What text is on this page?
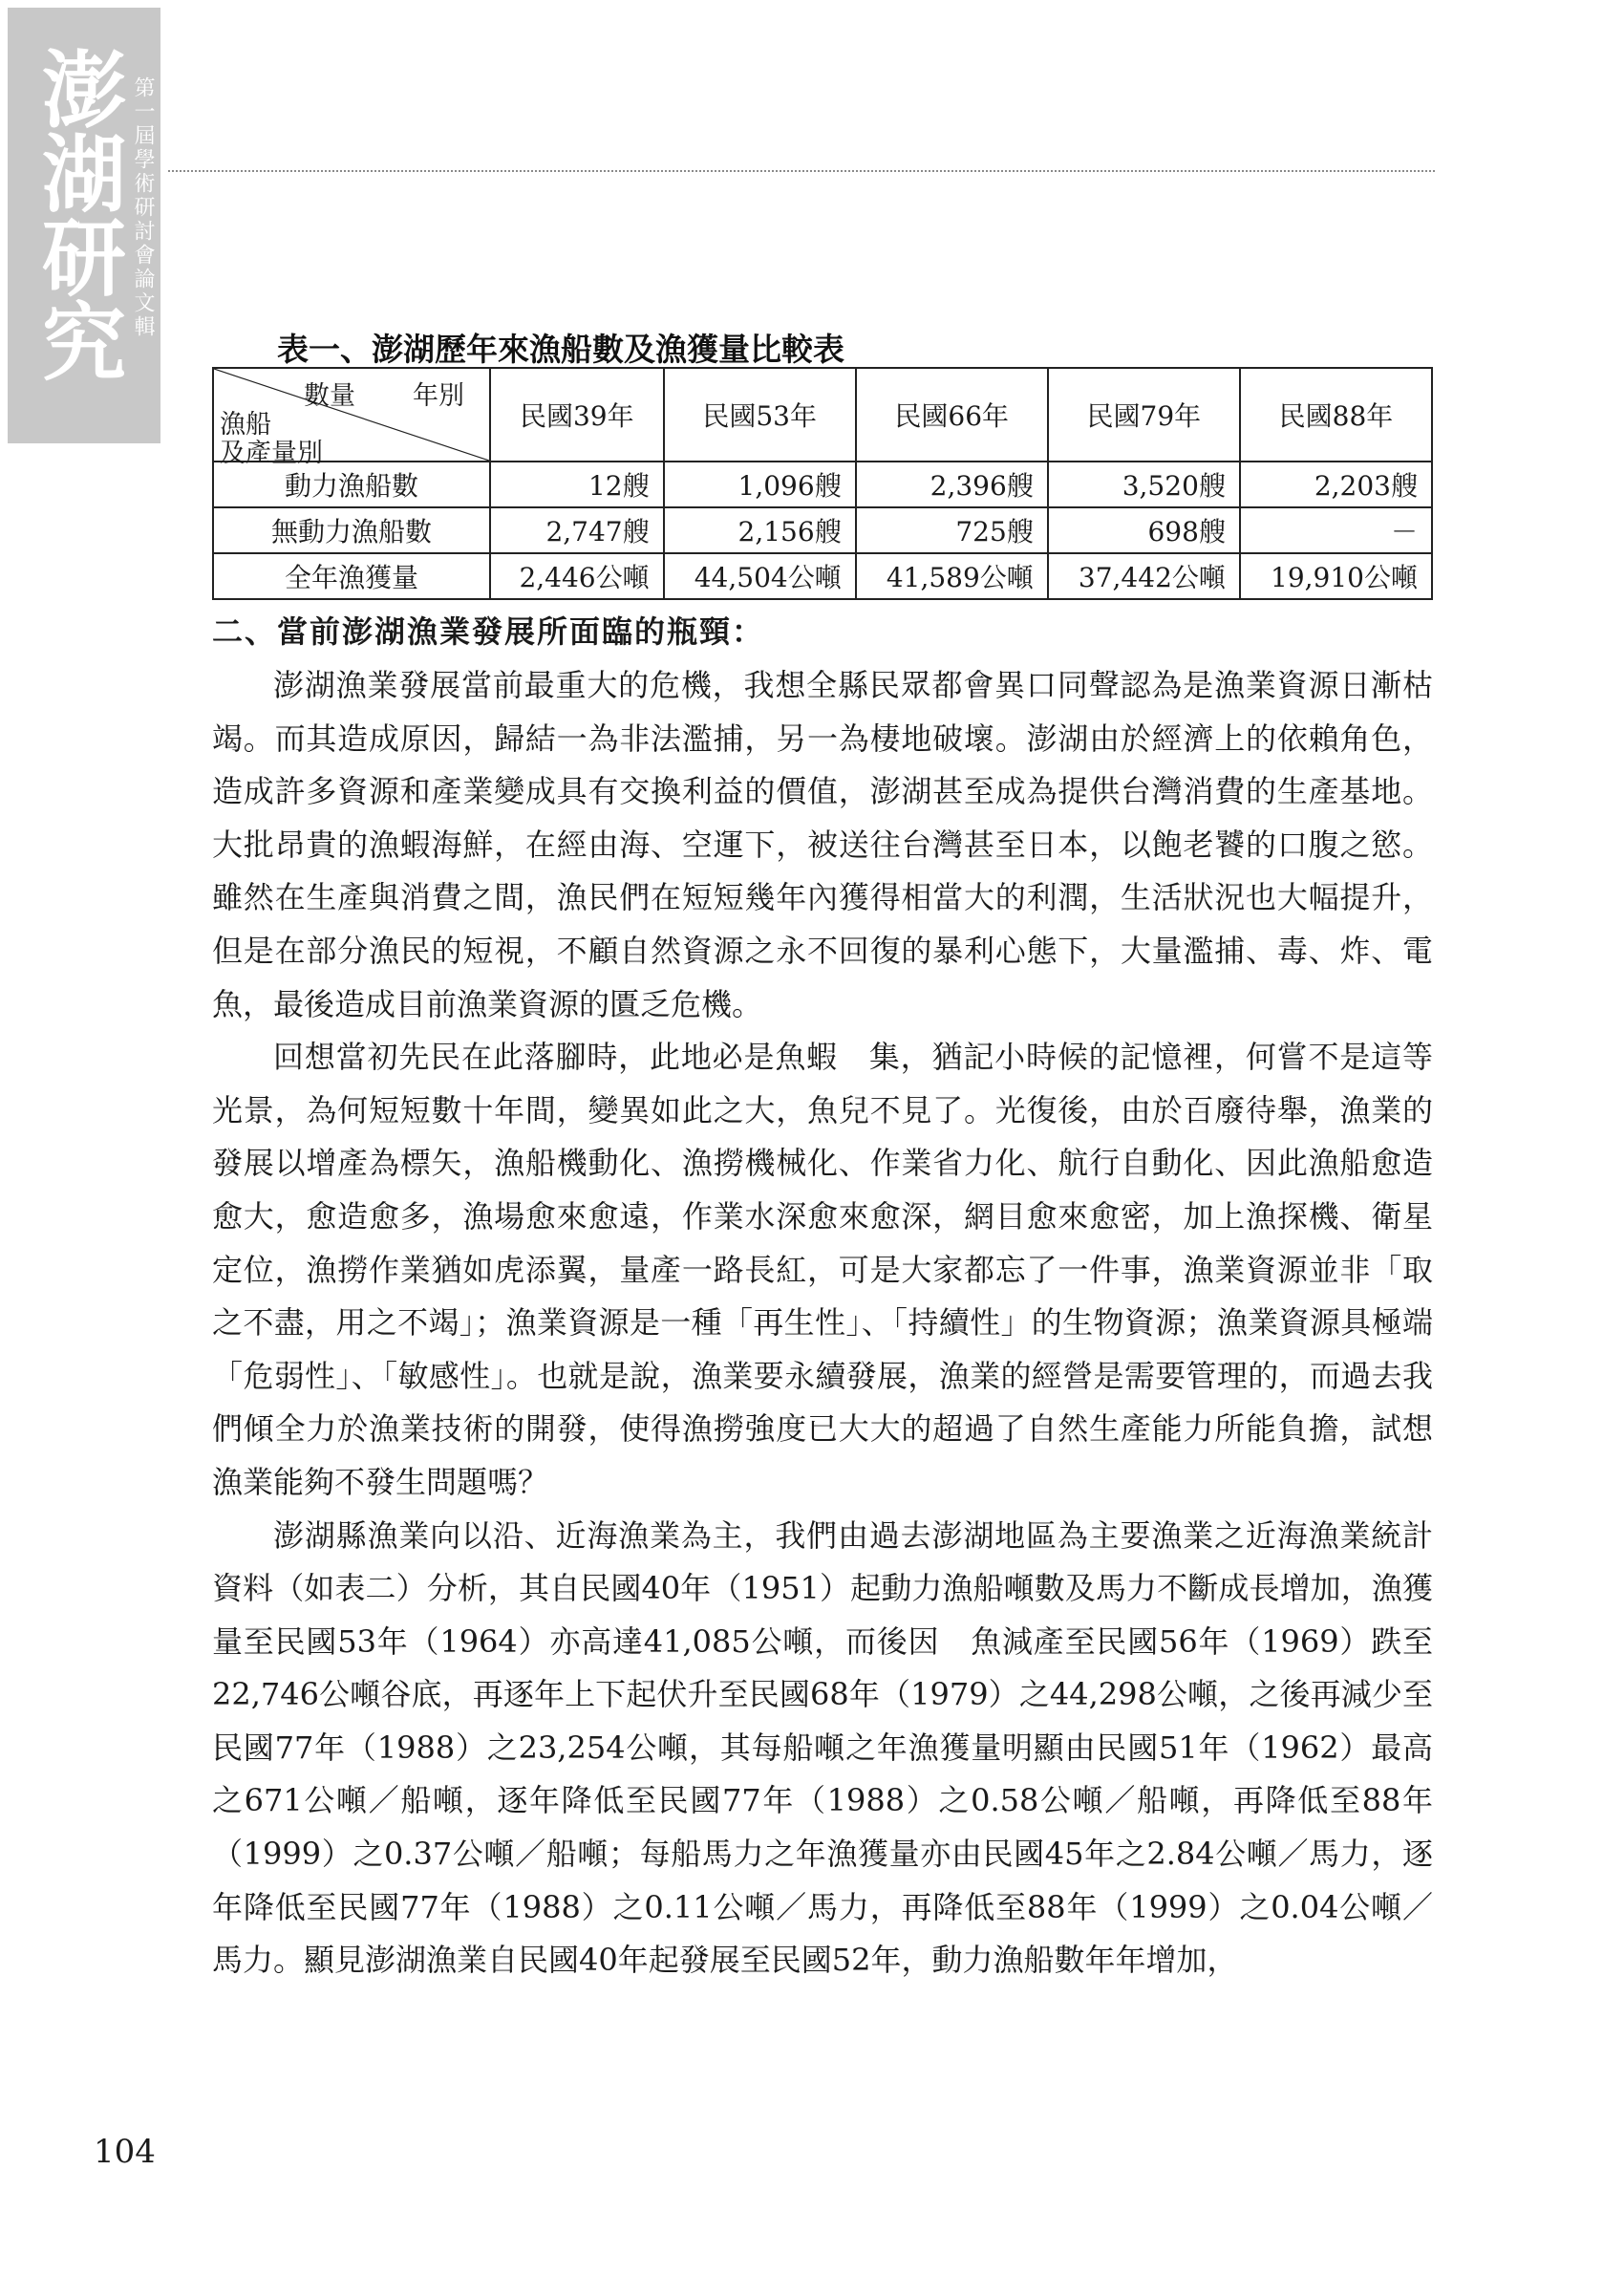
澎湖研究 第一屆學術研討會論文輯
表一、澎湖歷年來漁船數及漁獲量比較表
數量 年別
漁船
及產量別	民國39年	民國53年	民國66年	民國79年	民國88年
動力漁船數	12艘	1,096艘	2,396艘	3,520艘	2,203艘
無動力漁船數	2,747艘	2,156艘	725艘	698艘	－
全年漁獲量	2,446公噸	44,504公噸	41,589公噸	37,442公噸	19,910公噸
二、當前澎湖漁業發展所面臨的瓶頸：

澎湖漁業發展當前最重大的危機，我想全縣民眾都會異口同聲認為是漁業資源日漸枯竭。而其造成原因，歸結一為非法濫捕，另一為棲地破壞。澎湖由於經濟上的依賴角色，造成許多資源和產業變成具有交換利益的價值，澎湖甚至成為提供台灣消費的生產基地。大批昂貴的漁蝦海鮮，在經由海、空運下，被送往台灣甚至日本，以飽老饕的口腹之慾。雖然在生產與消費之間，漁民們在短短幾年內獲得相當大的利潤，生活狀況也大幅提升，但是在部分漁民的短視，不顧自然資源之永不回復的暴利心態下，大量濫捕、毒、炸、電魚，最後造成目前漁業資源的匱乏危機。

回想當初先民在此落腳時，此地必是魚蝦　集，猶記小時候的記憶裡，何嘗不是這等光景，為何短短數十年間，變異如此之大，魚兒不見了。光復後，由於百廢待舉，漁業的發展以增產為標矢，漁船機動化、漁撈機械化、作業省力化、航行自動化、因此漁船愈造愈大，愈造愈多，漁場愈來愈遠，作業水深愈來愈深，網目愈來愈密，加上漁探機、衛星定位，漁撈作業猶如虎添翼，量產一路長紅，可是大家都忘了一件事，漁業資源並非「取之不盡，用之不竭」；漁業資源是一種「再生性」、「持續性」的生物資源；漁業資源具極端「危弱性」、「敏感性」。也就是說，漁業要永續發展，漁業的經營是需要管理的，而過去我們傾全力於漁業技術的開發，使得漁撈強度已大大的超過了自然生產能力所能負擔，試想漁業能夠不發生問題嗎？

澎湖縣漁業向以沿、近海漁業為主，我們由過去澎湖地區為主要漁業之近海漁業統計資料（如表二）分析，其自民國40年（1951）起動力漁船噸數及馬力不斷成長增加，漁獲量至民國53年（1964）亦高達41,085公噸，而後因　魚減產至民國56年（1969）跌至22,746公噸谷底，再逐年上下起伏升至民國68年（1979）之44,298公噸，之後再減少至民國77年（1988）之23,254公噸，其每船噸之年漁獲量明顯由民國51年（1962）最高之671公噸／船噸，逐年降低至民國77年（1988）之0.58公噸／船噸，再降低至88年（1999）之0.37公噸／船噸；每船馬力之年漁獲量亦由民國45年之2.84公噸／馬力，逐年降低至民國77年（1988）之0.11公噸／馬力，再降低至88年（1999）之0.04公噸／馬力。顯見澎湖漁業自民國40年起發展至民國52年，動力漁船數年年增加，

104
